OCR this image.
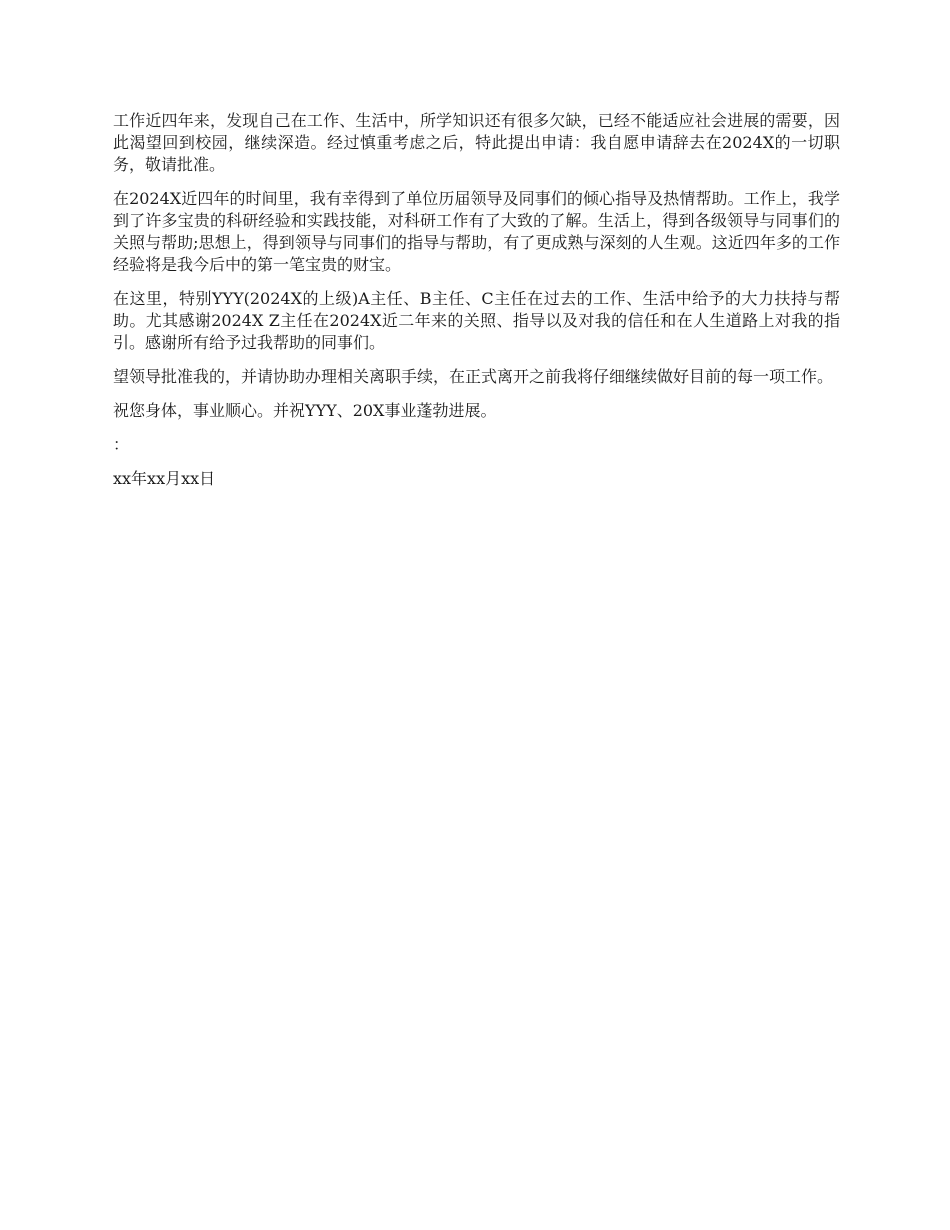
工作近四年来，发现自己在工作、生活中，所学知识还有很多欠缺，已经不能适应社会进展的需要，因此渴望回到校园，继续深造。经过慎重考虑之后，特此提出申请：我自愿申请辞去在2024X的一切职务，敬请批准。

在2024X近四年的时间里，我有幸得到了单位历届领导及同事们的倾心指导及热情帮助。工作上，我学到了许多宝贵的科研经验和实践技能，对科研工作有了大致的了解。生活上，得到各级领导与同事们的关照与帮助;思想上，得到领导与同事们的指导与帮助，有了更成熟与深刻的人生观。这近四年多的工作经验将是我今后中的第一笔宝贵的财宝。

在这里，特别YYY(2024X的上级)A主任、B主任、C主任在过去的工作、生活中给予的大力扶持与帮助。尤其感谢2024X Z主任在2024X近二年来的关照、指导以及对我的信任和在人生道路上对我的指引。感谢所有给予过我帮助的同事们。

望领导批准我的，并请协助办理相关离职手续，在正式离开之前我将仔细继续做好目前的每一项工作。

祝您身体，事业顺心。并祝YYY、20X事业蓬勃进展。

：

xx年xx月xx日
